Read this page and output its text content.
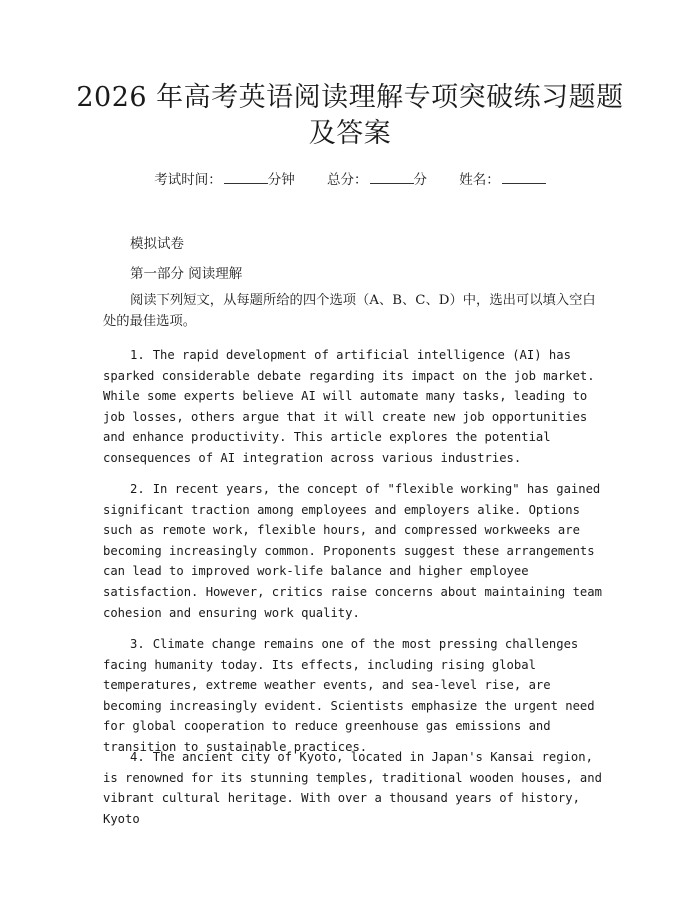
2026 年高考英语阅读理解专项突破练习题题
及答案
考试时间：	分钟 总分：	分 姓名：
模拟试卷
第一部分 阅读理解
阅读下列短文，从每题所给的四个选项（A、B、C、D）中，选出可以填入空白处的最佳选项。
1. The rapid development of artificial intelligence (AI) has sparked considerable debate regarding its impact on the job market. While some experts believe AI will automate many tasks, leading to job losses, others argue that it will create new job opportunities and enhance productivity. This article explores the potential consequences of AI integration across various industries.
2. In recent years, the concept of "flexible working" has gained significant traction among employees and employers alike. Options such as remote work, flexible hours, and compressed workweeks are becoming increasingly common. Proponents suggest these arrangements can lead to improved work-life balance and higher employee satisfaction. However, critics raise concerns about maintaining team cohesion and ensuring work quality.
3. Climate change remains one of the most pressing challenges facing humanity today. Its effects, including rising global temperatures, extreme weather events, and sea-level rise, are becoming increasingly evident. Scientists emphasize the urgent need for global cooperation to reduce greenhouse gas emissions and transition to sustainable practices.
4. The ancient city of Kyoto, located in Japan's Kansai region, is renowned for its stunning temples, traditional wooden houses, and vibrant cultural heritage. With over a thousand years of history, Kyoto
